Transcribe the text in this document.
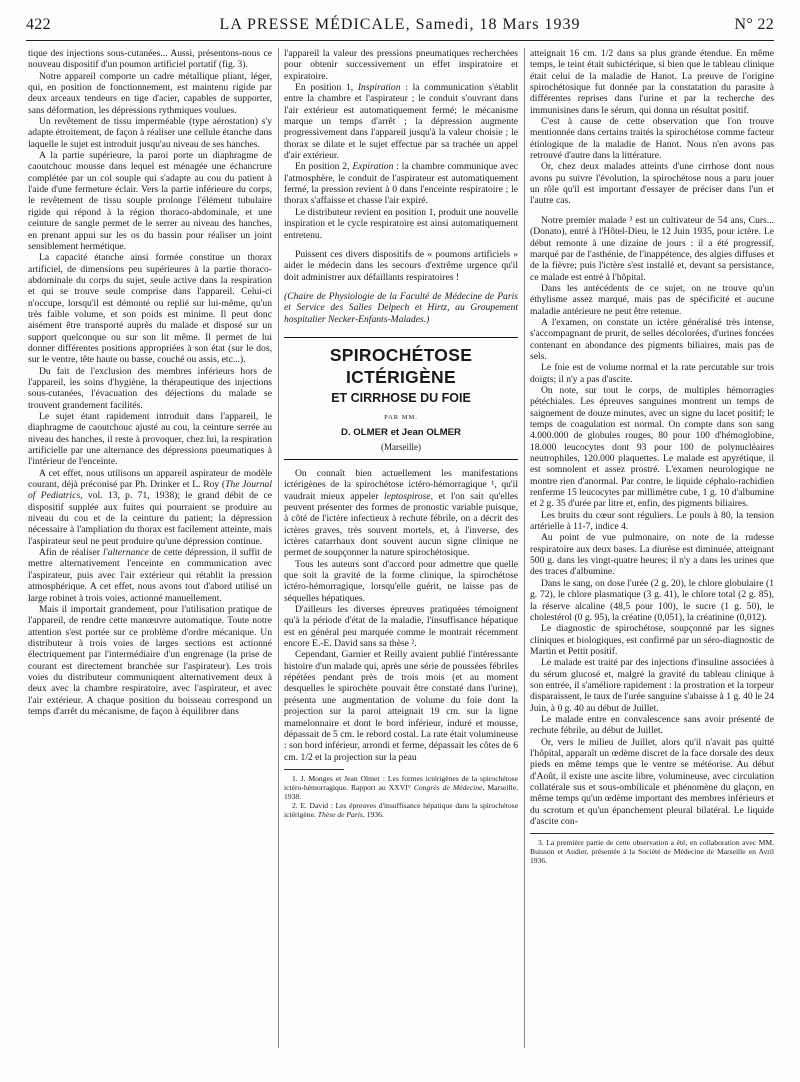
422	LA PRESSE MÉDICALE, Samedi, 18 Mars 1939	N° 22

tique des injections sous-cutanées... Aussi, présentons-nous ce nouveau dispositif d'un poumon artificiel portatif (fig. 3).

Notre appareil comporte un cadre métallique pliant, léger, qui, en position de fonctionnement, est maintenu rigide par deux arceaux tendeurs en tige d'acier, capables de supporter, sans déformation, les dépressions rythmiques voulues.

Un revêtement de tissu imperméable (type aérostation) s'y adapte étroitement, de façon à réaliser une cellule étanche dans laquelle le sujet est introduit jusqu'au niveau de ses hanches.

A la partie supérieure, la paroi porte un diaphragme de caoutchouc mousse dans lequel est ménagée une échancrure complétée par un col souple qui s'adapte au cou du patient à l'aide d'une fermeture éclair. Vers la partie inférieure du corps, le revêtement de tissu souple prolonge l'élément tubulaire rigide qui répond à la région thoraco-abdominale, et une ceinture de sangle permet de le serrer au niveau des hanches, en prenant appui sur les os du bassin pour réaliser un joint sensiblement hermétique.

La capacité étanche ainsi formée constitue un thorax artificiel, de dimensions peu supérieures à la partie thoraco-abdominale du corps du sujet, seule active dans la respiration et qui se trouve seule comprise dans l'appareil. Celui-ci n'occupe, lorsqu'il est démonté ou replié sur lui-même, qu'un très faible volume, et son poids est minime. Il peut donc aisément être transporté auprès du malade et disposé sur un support quelconque ou sur son lit même. Il permet de lui donner différentes positions appropriées à son état (sur le dos, sur le ventre, tête haute ou basse, couché ou assis, etc...).

Du fait de l'exclusion des membres inférieurs hors de l'appareil, les soins d'hygiène, la thérapeutique des injections sous-cutanées, l'évacuation des déjections du malade se trouvent grandement facilités.

Le sujet étant rapidement introduit dans l'appareil, le diaphragme de caoutchouc ajusté au cou, la ceinture serrée au niveau des hanches, il reste à provoquer, chez lui, la respiration artificielle par une alternance des dépressions pneumatiques à l'intérieur de l'enceinte.

A cet effet, nous utilisons un appareil aspirateur de modèle courant, déjà préconisé par Ph. Drinker et L. Roy (The Journal of Pediatrics, vol. 13, p. 71, 1938); le grand débit de ce dispositif supplée aux fuites qui pourraient se produire au niveau du cou et de la ceinture du patient; la dépression nécessaire à l'ampliation du thorax est facilement atteinte, mais l'aspirateur seul ne peut produire qu'une dépression continue.

Afin de réaliser l'alternance de cette dépression, il suffit de mettre alternativement l'enceinte en communication avec l'aspirateur, puis avec l'air extérieur qui rétablit la pression atmosphérique. A cet effet, nous avons tout d'abord utilisé un large robinet à trois voies, actionné manuellement.

Mais il importait grandement, pour l'utilisation pratique de l'appareil, de rendre cette manœuvre automatique. Toute notre attention s'est portée sur ce problème d'ordre mécanique. Un distributeur à trois voies de larges sections est actionné électriquement par l'intermédiaire d'un engrenage (la prise de courant est directement branchée sur l'aspirateur). Les trois voies du distributeur communiquent alternativement deux à deux avec la chambre respiratoire, avec l'aspirateur, et avec l'air extérieur. A chaque position du boisseau correspond un temps d'arrêt du mécanisme, de façon à équilibrer dans

l'appareil la valeur des pressions pneumatiques recherchées pour obtenir successivement un effet inspiratoire et expiratoire.

En position 1, Inspiration : la communication s'établit entre la chambre et l'aspirateur ; le conduit s'ouvrant dans l'air extérieur est automatiquement fermé; le mécanisme marque un temps d'arrêt ; la dépression augmente progressivement dans l'appareil jusqu'à la valeur choisie ; le thorax se dilate et le sujet effectue par sa trachée un appel d'air extérieur.

En position 2, Expiration : la chambre communique avec l'atmosphère, le conduit de l'aspirateur est automatiquement fermé, la pression revient à 0 dans l'enceinte respiratoire ; le thorax s'affaisse et chasse l'air expiré.

Le distributeur revient en position 1, produit une nouvelle inspiration et le cycle respiratoire est ainsi automatiquement entretenu.

Puissent ces divers dispositifs de « poumons artificiels » aider le médecin dans les secours d'extrême urgence qu'il doit administrer aux défaillants respiratoires !

(Chaire de Physiologie de la Faculté de Médecine de Paris et Service des Salles Delpech et Hirtz, au Groupement hospitalier Necker-Enfants-Malades.)

SPIROCHÉTOSE ICTÉRIGÈNE
ET CIRRHOSE DU FOIE
PAR MM.
D. OLMER et Jean OLMER
(Marseille)

On connaît bien actuellement les manifestations ictérigènes de la spirochétose ictéro-hémorragique ¹, qu'il vaudrait mieux appeler leptospirose, et l'on sait qu'elles peuvent présenter des formes de pronostic variable puisque, à côté de l'ictère infectieux à rechute fébrile, on a décrit des ictères graves, très souvent mortels, et, à l'inverse, des ictères catarrhaux dont souvent aucun signe clinique ne permet de soupçonner la nature spirochétosique.

Tous les auteurs sont d'accord pour admettre que quelle que soit la gravité de la forme clinique, la spirochétose ictéro-hémorragique, lorsqu'elle guérit, ne laisse pas de séquelles hépatiques.

D'ailleurs les diverses épreuves pratiquées témoignent qu'à la période d'état de la maladie, l'insuffisance hépatique est en général peu marquée comme le montrait récemment encore E.-E. David sans sa thèse ².

Cependant, Garnier et Reilly avaient publié l'intéressante histoire d'un malade qui, après une série de poussées fébriles répétées pendant près de trois mois (et au moment desquelles le spirochète pouvait être constaté dans l'urine), présenta une augmentation de volume du foie dont la projection sur la paroi atteignait 19 cm. sur la ligne mamelonnaire et dont le bord inférieur, induré et mousse, dépassait de 5 cm. le rebord costal. La rate était volumineuse : son bord inférieur, arrondi et ferme, dépassait les côtes de 6 cm. 1/2 et la projection sur la peau

1. J. Monges et Jean Olmer : Les formes ictérigènes de la spirochétose ictéro-hémorragique. Rapport au XXVI° Congrès de Médecine, Marseille, 1938.

2. E. David : Les épreuves d'insuffisance hépatique dans la spirochétose ictérigène. Thèse de Paris, 1936.

atteignait 16 cm. 1/2 dans sa plus grande étendue. En même temps, le teint était subictérique, si bien que le tableau clinique était celui de la maladie de Hanot. La preuve de l'origine spirochétosique fut donnée par la constatation du parasite à différentes reprises dans l'urine et par la recherche des immunisines dans le sérum, qui donna un résultat positif.

C'est à cause de cette observation que l'on trouve mentionnée dans certains traités la spirochétose comme facteur étiologique de la maladie de Hanot. Nous n'en avons pas retrouvé d'autre dans la littérature.

Or, chez deux malades atteints d'une cirrhose dont nous avons pu suivre l'évolution, la spirochétose nous a paru jouer un rôle qu'il est important d'essayer de préciser dans l'un et l'autre cas.

Notre premier malade ³ est un cultivateur de 54 ans, Curs... (Donato), entré à l'Hôtel-Dieu, le 12 Juin 1935, pour ictère. Le début remonte à une dizaine de jours : il a été progressif, marqué par de l'asthénie, de l'inappétence, des algies diffuses et de la fièvre; puis l'ictère s'est installé et, devant sa persistance, ce malade est entré à l'hôpital.

Dans les antécédents de ce sujet, on ne trouve qu'un éthylisme assez marqué, mais pas de spécificité et aucune maladie antérieure ne peut être retenue.

A l'examen, on constate un ictère généralisé très intense, s'accompagnant de prurit, de selles décolorées, d'urines foncées contenant en abondance des pigments biliaires, mais pas de sels.

Le foie est de volume normal et la rate percutable sur trois doigts; il n'y a pas d'ascite.

On note, sur tout le corps, de multiples hémorragies pétéchiales. Les épreuves sanguines montrent un temps de saignement de douze minutes, avec un signe du lacet positif; le temps de coagulation est normal. On compte dans son sang 4.000.000 de globules rouges, 80 pour 100 d'hémoglobine, 18.000 leucocytes dont 93 pour 100 de polynucléaires neutrophiles, 120.000 plaquettes. Le malade est apyrétique, il est somnolent et assez prostré. L'examen neurologique ne montre rien d'anormal. Par contre, le liquide céphalo-rachidien renferme 15 leucocytes par millimètre cube, 1 g. 10 d'albumine et 2 g. 35 d'urée par litre et, enfin, des pigments biliaires.

Les bruits du cœur sont réguliers. Le pouls à 80, la tension artérielle à 11-7, indice 4.

Au point de vue pulmonaire, on note de la rudesse respiratoire aux deux bases. La diurèse est diminuée, atteignant 500 g. dans les vingt-quatre heures; il n'y a dans les urines que des traces d'albumine.

Dans le sang, on dose l'urée (2 g. 20), le chlore globulaire (1 g. 72), le chlore plasmatique (3 g. 41), le chlore total (2 g. 85), la réserve alcaline (48,5 pour 100), le sucre (1 g. 50), le cholestérol (0 g. 95), la créatine (0,051), la créatinine (0,012).

Le diagnostic de spirochétose, soupçonné par les signes cliniques et biologiques, est confirmé par un séro-diagnostic de Martin et Pettit positif.

Le malade est traité par des injections d'insuline associées à du sérum glucosé et, malgré la gravité du tableau clinique à son entrée, il s'améliore rapidement : la prostration et la torpeur disparaissent, le taux de l'urée sanguine s'abaisse à 1 g. 40 le 24 Juin, à 0 g. 40 au début de Juillet.

Le malade entre en convalescence sans avoir présenté de rechute fébrile, au début de Juillet.

Or, vers le milieu de Juillet, alors qu'il n'avait pas quitté l'hôpital, apparaît un œdème discret de la face dorsale des deux pieds en même temps que le ventre se météorise. Au début d'Août, il existe une ascite libre, volumineuse, avec circulation collatérale sus et sous-ombilicale et phénomène du glaçon, en même temps qu'un œdème important des membres inférieurs et du scrotum et qu'un épanchement pleural bilatéral. Le liquide d'ascite con-

3. La première partie de cette observation a été, en collaboration avec MM. Buisson et Audier, présentée à la Société de Médecine de Marseille en Avril 1936.
